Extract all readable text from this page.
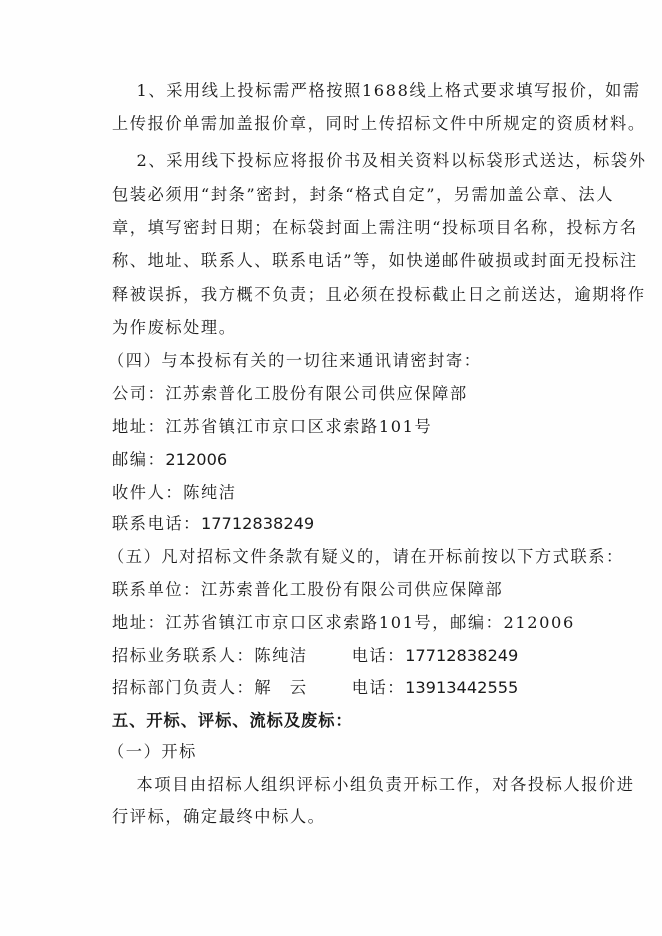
　 1、采用线上投标需严格按照1688线上格式要求填写报价，如需
上传报价单需加盖报价章，同时上传招标文件中所规定的资质材料。
　 2、采用线下投标应将报价书及相关资料以标袋形式送达，标袋外
包装必须用“封条”密封，封条“格式自定”，另需加盖公章、法人
章，填写密封日期；在标袋封面上需注明“投标项目名称，投标方名
称、地址、联系人、联系电话”等，如快递邮件破损或封面无投标注
释被误拆，我方概不负责；且必须在投标截止日之前送达，逾期将作
为作废标处理。
（四）与本投标有关的一切往来通讯请密封寄：
公司：江苏索普化工股份有限公司供应保障部
地址：江苏省镇江市京口区求索路101号
邮编：212006
收件人：陈纯洁
联系电话：17712838249
（五）凡对招标文件条款有疑义的，请在开标前按以下方式联系：
联系单位：江苏索普化工股份有限公司供应保障部
地址：江苏省镇江市京口区求索路101号，邮编：212006
招标业务联系人：陈纯洁	电话：17712838249
招标部门负责人：解　云	电话：13913442555
五、开标、评标、流标及废标：
（一）开标
　 本项目由招标人组织评标小组负责开标工作，对各投标人报价进
行评标，确定最终中标人。
